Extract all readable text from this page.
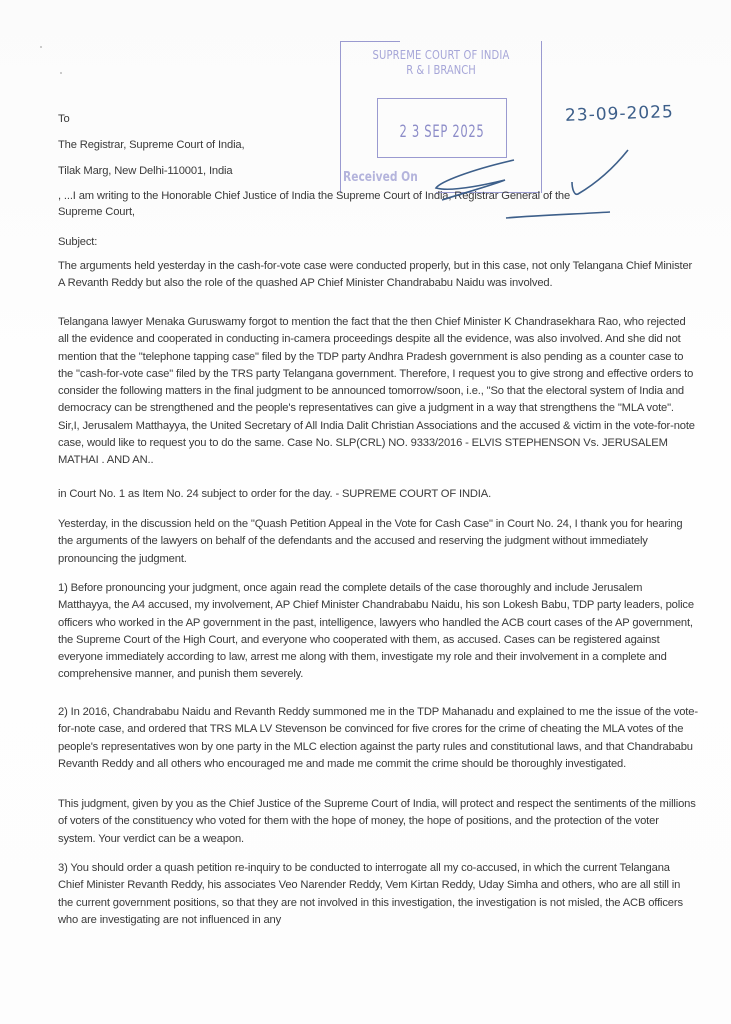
SUPREME COURT OF INDIA
R & I BRANCH
2 3 SEP 2025
Received On
23-09-2025
To
The Registrar, Supreme Court of India,
Tilak Marg, New Delhi-110001, India
, ...I am writing to the Honorable Chief Justice of India the Supreme Court of India, Registrar General of the
Supreme Court,
Subject:
The arguments held yesterday in the cash-for-vote case were conducted properly, but in this case, not only Telangana Chief Minister A Revanth Reddy but also the role of the quashed AP Chief Minister Chandrababu Naidu was involved.
Telangana lawyer Menaka Guruswamy forgot to mention the fact that the then Chief Minister K Chandrasekhara Rao, who rejected all the evidence and cooperated in conducting in-camera proceedings despite all the evidence, was also involved. And she did not mention that the "telephone tapping case" filed by the TDP party Andhra Pradesh government is also pending as a counter case to the "cash-for-vote case" filed by the TRS party Telangana government. Therefore, I request you to give strong and effective orders to consider the following matters in the final judgment to be announced tomorrow/soon, i.e., "So that the electoral system of India and democracy can be strengthened and the people's representatives can give a judgment in a way that strengthens the "MLA vote". Sir,I, Jerusalem Matthayya, the United Secretary of All India Dalit Christian Associations and the accused & victim in the vote-for-note case, would like to request you to do the same. Case No. SLP(CRL) NO. 9333/2016 - ELVIS STEPHENSON Vs. JERUSALEM MATHAI . AND AN..
in Court No. 1 as Item No. 24 subject to order for the day. - SUPREME COURT OF INDIA.
Yesterday, in the discussion held on the "Quash Petition Appeal in the Vote for Cash Case" in Court No. 24, I thank you for hearing the arguments of the lawyers on behalf of the defendants and the accused and reserving the judgment without immediately pronouncing the judgment.
1) Before pronouncing your judgment, once again read the complete details of the case thoroughly and include Jerusalem Matthayya, the A4 accused, my involvement, AP Chief Minister Chandrababu Naidu, his son Lokesh Babu, TDP party leaders, police officers who worked in the AP government in the past, intelligence, lawyers who handled the ACB court cases of the AP government, the Supreme Court of the High Court, and everyone who cooperated with them, as accused. Cases can be registered against everyone immediately according to law, arrest me along with them, investigate my role and their involvement in a complete and comprehensive manner, and punish them severely.
2) In 2016, Chandrababu Naidu and Revanth Reddy summoned me in the TDP Mahanadu and explained to me the issue of the vote-for-note case, and ordered that TRS MLA LV Stevenson be convinced for five crores for the crime of cheating the MLA votes of the people's representatives won by one party in the MLC election against the party rules and constitutional laws, and that Chandrababu Revanth Reddy and all others who encouraged me and made me commit the crime should be thoroughly investigated.
This judgment, given by you as the Chief Justice of the Supreme Court of India, will protect and respect the sentiments of the millions of voters of the constituency who voted for them with the hope of money, the hope of positions, and the protection of the voter system. Your verdict can be a weapon.
3) You should order a quash petition re-inquiry to be conducted to interrogate all my co-accused, in which the current Telangana Chief Minister Revanth Reddy, his associates Veo Narender Reddy, Vem Kirtan Reddy, Uday Simha and others, who are all still in the current government positions, so that they are not involved in this investigation, the investigation is not misled, the ACB officers who are investigating are not influenced in any
